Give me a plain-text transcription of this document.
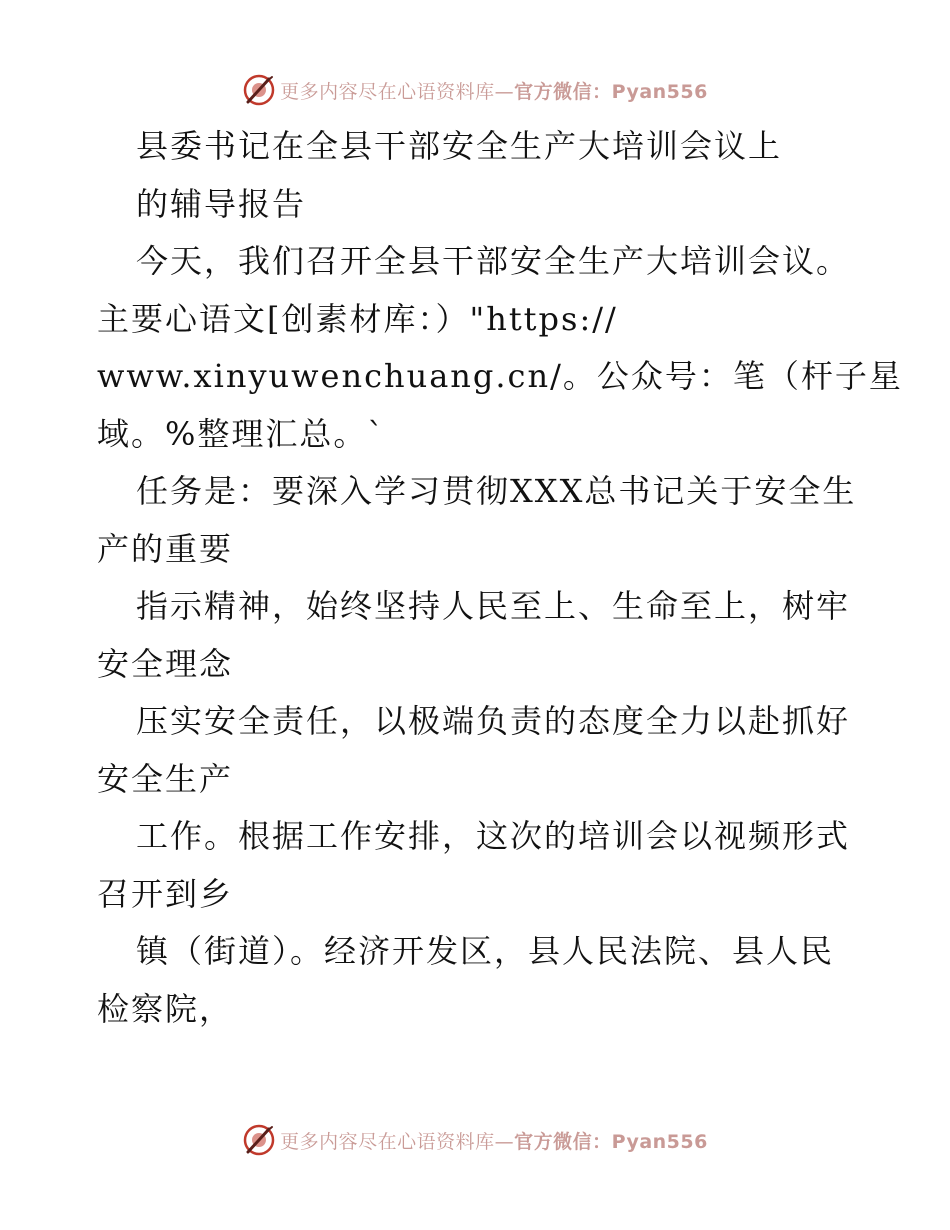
更多内容尽在心语资料库—官方微信：Pyan556
县委书记在全县干部安全生产大培训会议上
的辅导报告
今天，我们召开全县干部安全生产大培训会议。
主要心语文[创素材库：）"https://
www.xinyuwenchuang.cn/。公众号：笔（杆子星
域。%整理汇总。`
任务是：要深入学习贯彻XXX总书记关于安全生
产的重要
指示精神，始终坚持人民至上、生命至上，树牢
安全理念
压实安全责任，以极端负责的态度全力以赴抓好
安全生产
工作。根据工作安排，这次的培训会以视频形式
召开到乡
镇（街道）。经济开发区，县人民法院、县人民
检察院，
更多内容尽在心语资料库—官方微信：Pyan556
